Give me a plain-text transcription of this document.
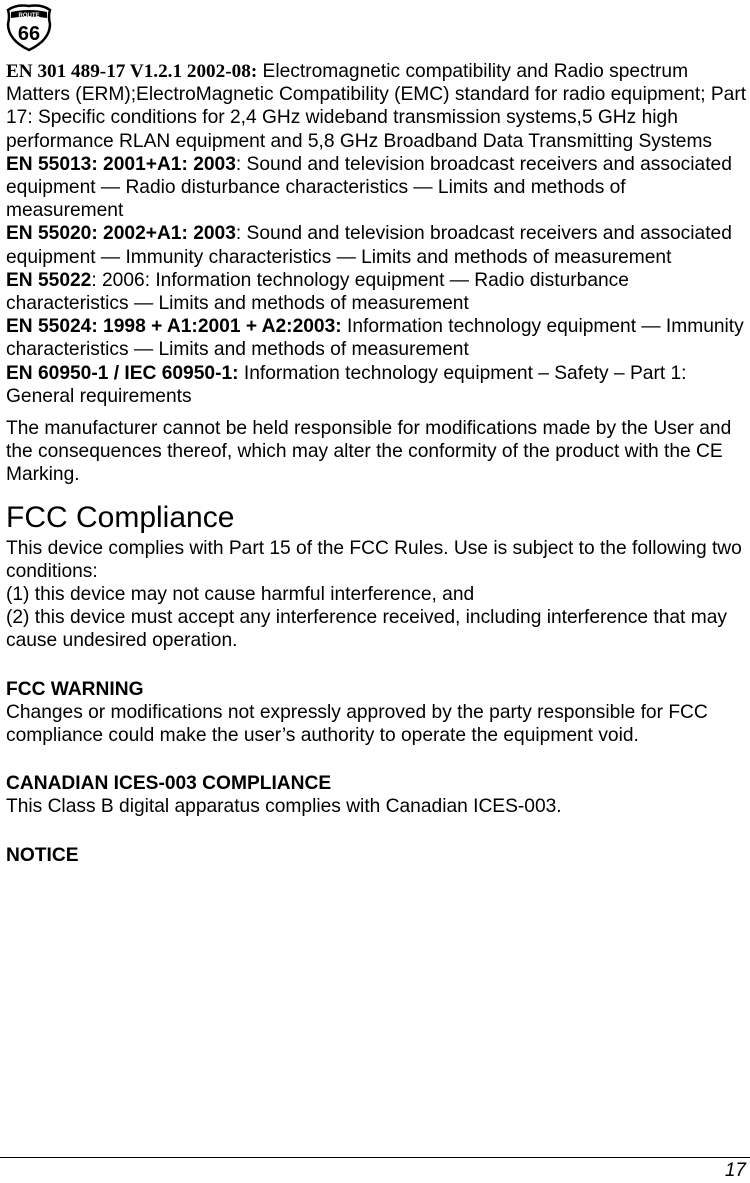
ROUTE
66

EN 301 489-17 V1.2.1 2002-08: Electromagnetic compatibility and Radio spectrum Matters (ERM);ElectroMagnetic Compatibility (EMC) standard for radio equipment; Part 17: Specific conditions for 2,4 GHz wideband transmission systems,5 GHz high performance RLAN equipment and 5,8 GHz Broadband Data Transmitting Systems

EN 55013: 2001+A1: 2003: Sound and television broadcast receivers and associated equipment — Radio disturbance characteristics — Limits and methods of measurement

EN 55020: 2002+A1: 2003: Sound and television broadcast receivers and associated equipment — Immunity characteristics — Limits and methods of measurement

EN 55022: 2006: Information technology equipment — Radio disturbance characteristics — Limits and methods of measurement

EN 55024: 1998 + A1:2001 + A2:2003: Information technology equipment — Immunity characteristics — Limits and methods of measurement

EN 60950-1 / IEC 60950-1: Information technology equipment – Safety – Part 1: General requirements

The manufacturer cannot be held responsible for modifications made by the User and the consequences thereof, which may alter the conformity of the product with the CE Marking.

FCC Compliance

This device complies with Part 15 of the FCC Rules. Use is subject to the following two conditions:

(1) this device may not cause harmful interference, and

(2) this device must accept any interference received, including interference that may cause undesired operation.

FCC WARNING

Changes or modifications not expressly approved by the party responsible for FCC compliance could make the user’s authority to operate the equipment void.

CANADIAN ICES-003 COMPLIANCE

This Class B digital apparatus complies with Canadian ICES-003.

NOTICE

17
